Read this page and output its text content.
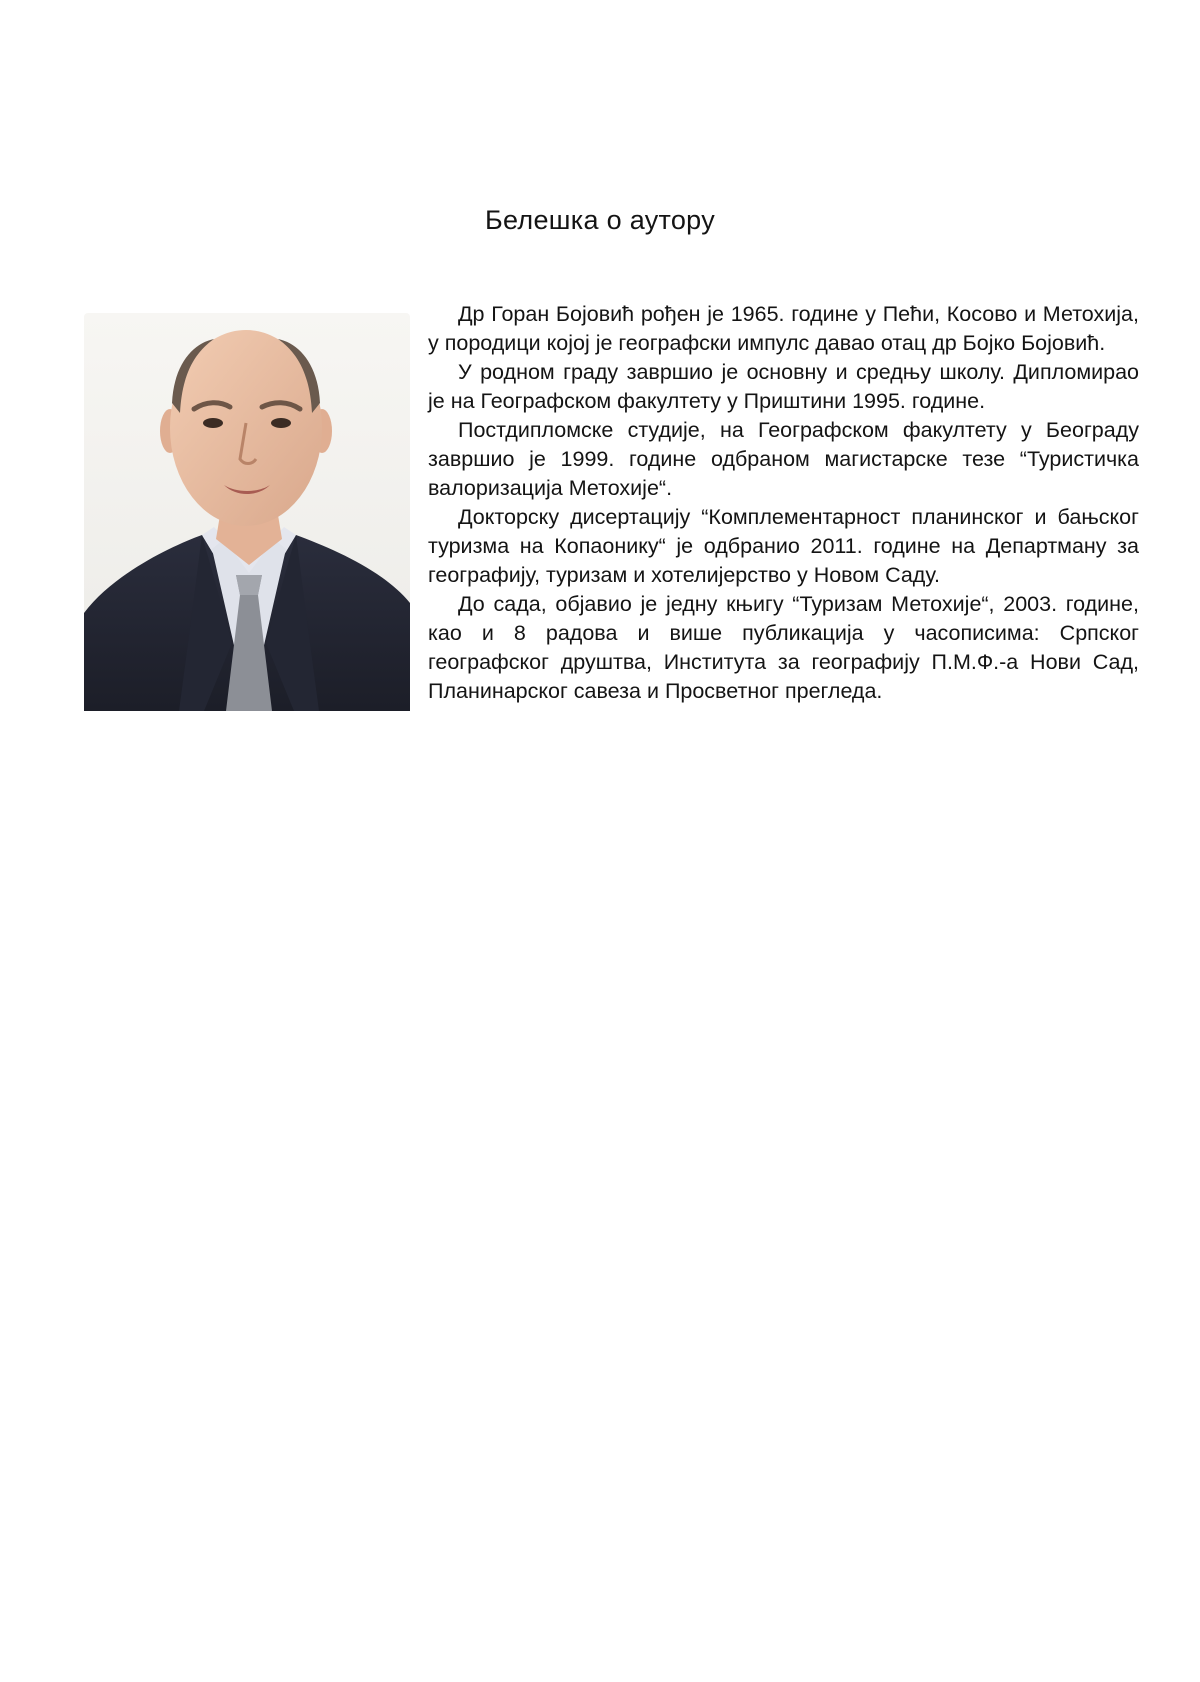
Белешка о аутору

Др Горан Бојовић рођен је 1965. године у Пећи, Косово и Метохија, у породици којој је географски импулс давао отац др Бојко Бојовић.

У родном граду завршио је основну и средњу школу. Дипломирао је на Географском факултету у Приштини 1995. године.

Постдипломске студије, на Географском факултету у Београду завршио је 1999. године одбраном магистарске тезе “Туристичка валоризација Метохије“.

Докторску дисертацију “Комплементарност планинског и бањског туризма на Копаонику“ је одбранио 2011. године на Департману за географију, туризам и хотелијерство у Новом Саду.

До сада, објавио је једну књигу “Туризам Метохије“, 2003. године, као и 8 радова и више публикација у часописима: Српског географског друштва, Института за географију П.М.Ф.-а Нови Сад, Планинарског савеза и Просветног прегледа.
